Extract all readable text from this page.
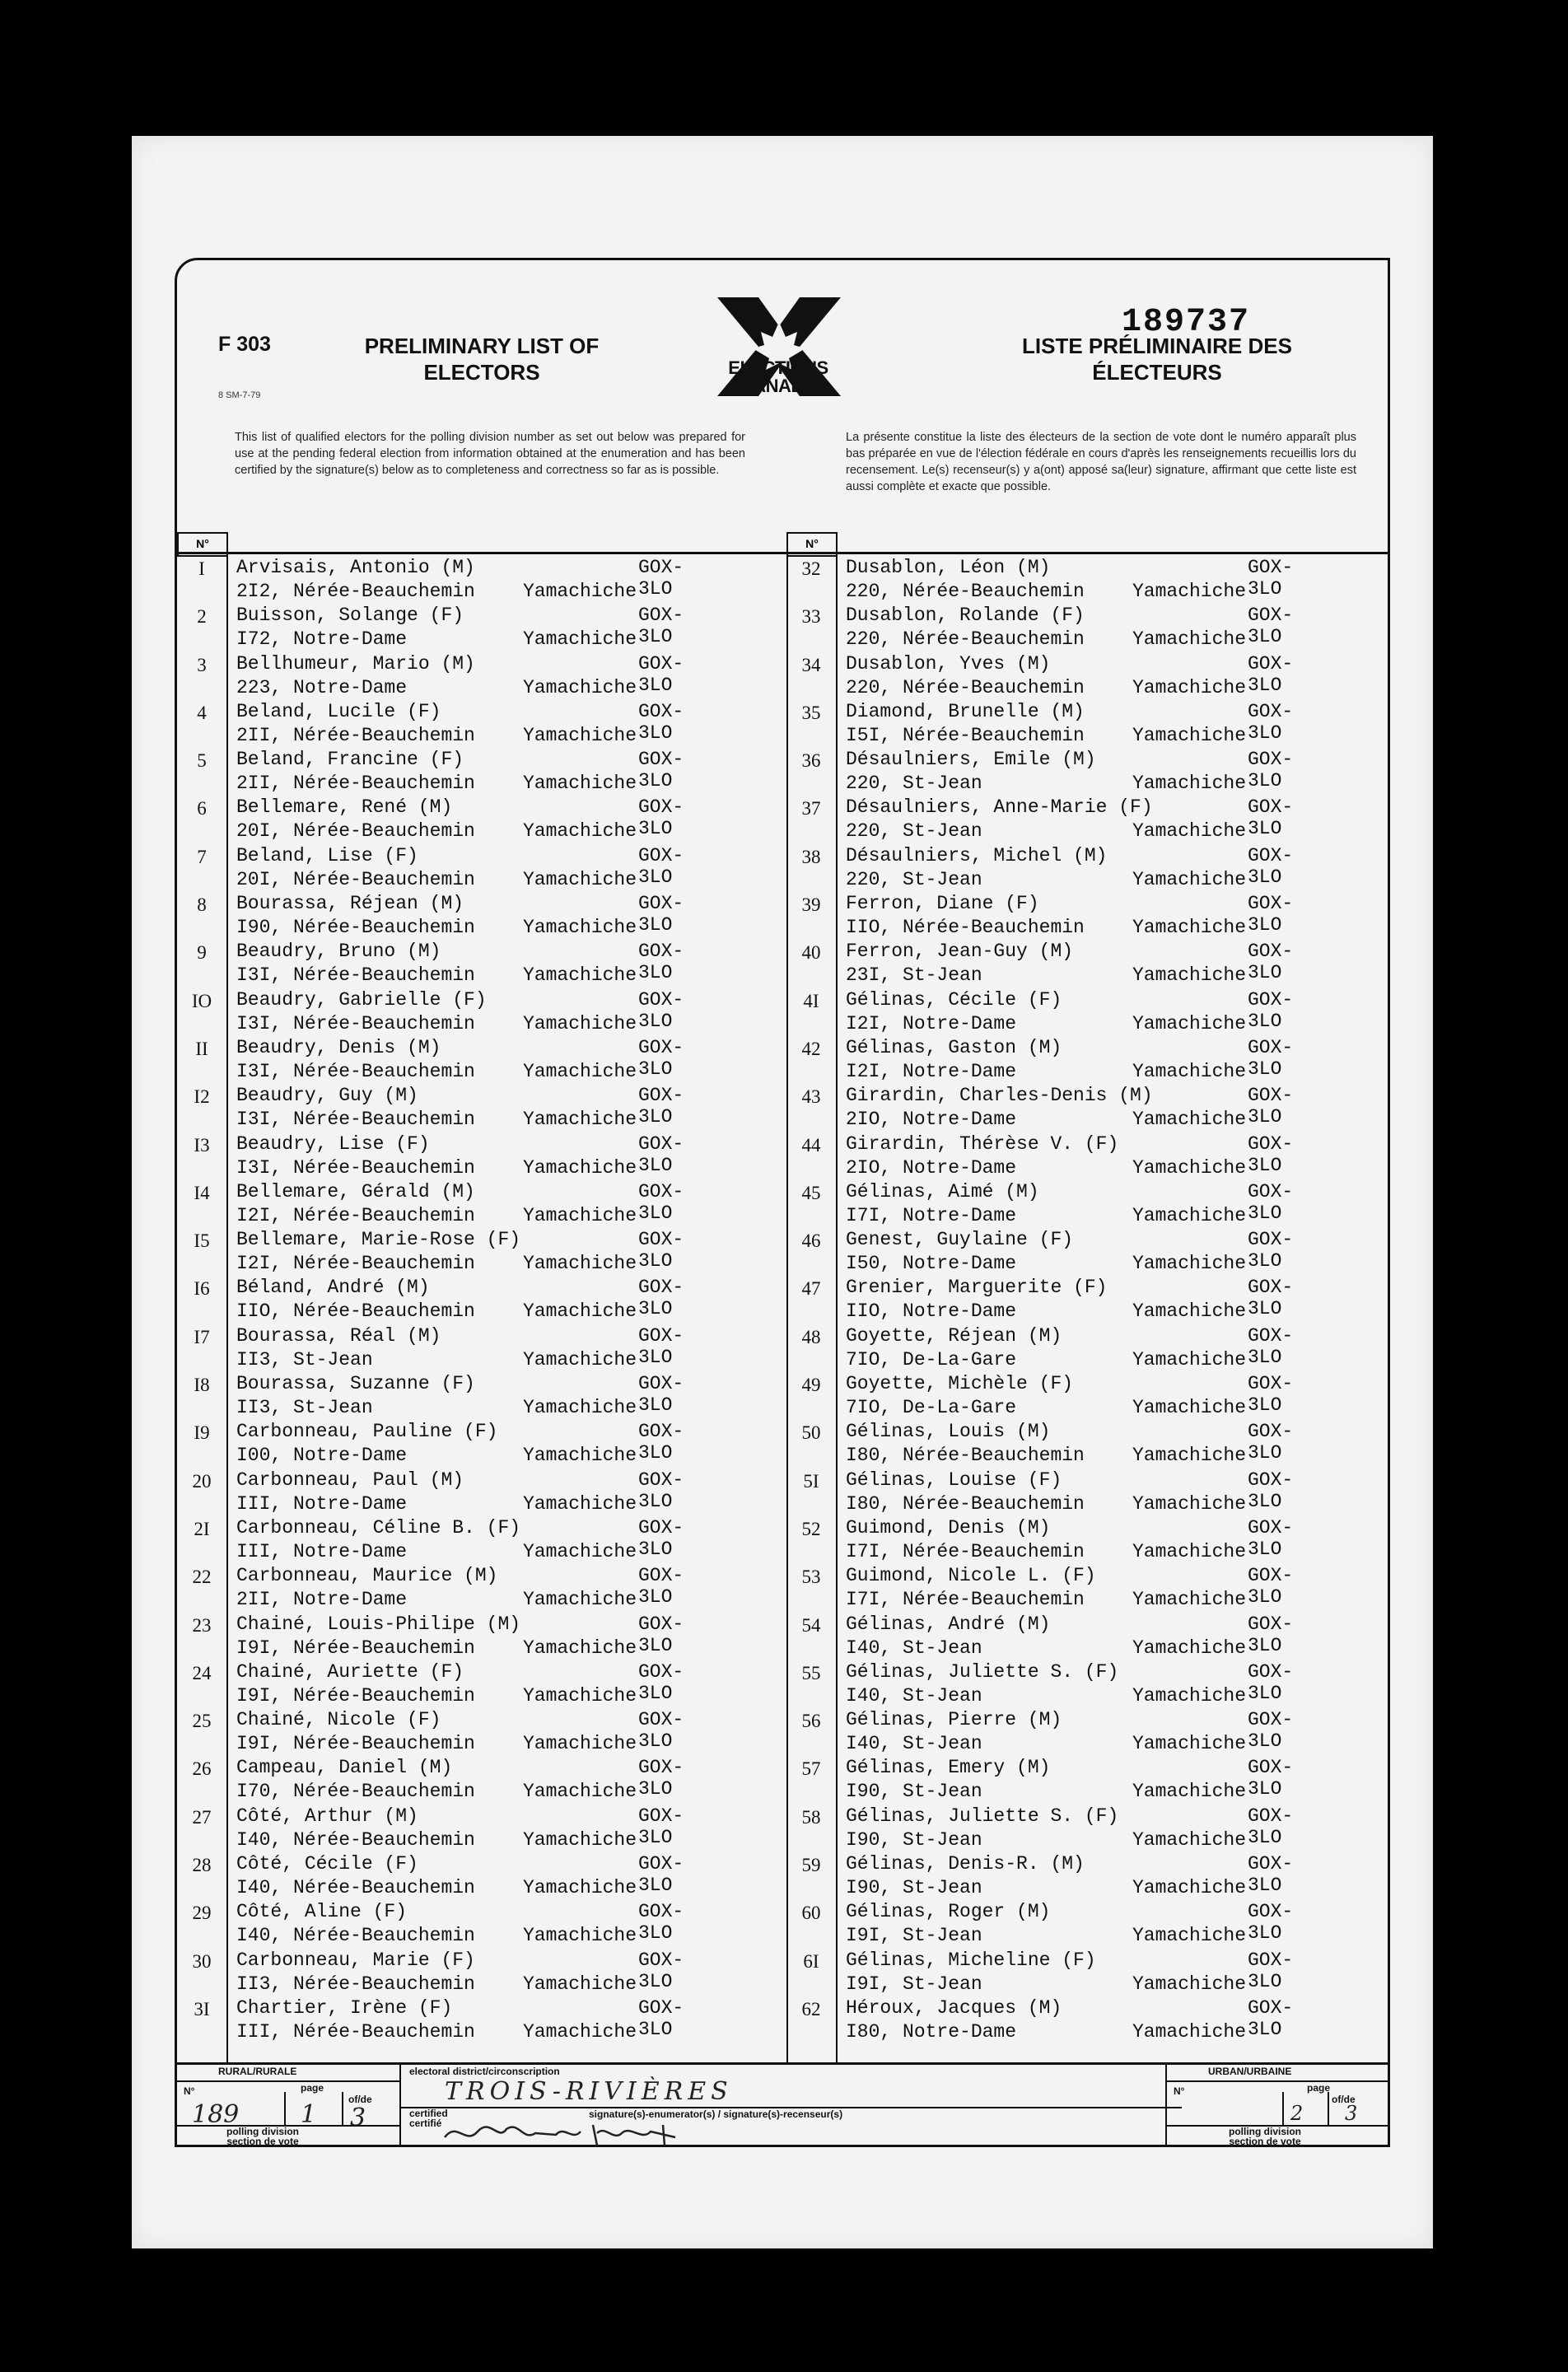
F 303
8 SM-7-79
PRELIMINARY LIST OF
ELECTORS	ELECTIONS
CANADA
189737
LISTE PRÉLIMINAIRE DES
ÉLECTEURS
This list of qualified electors for the polling division number as set out below was prepared for use at the pending federal election from information obtained at the enumeration and has been certified by the signature(s) below as to completeness and correctness so far as is possible.
La présente constitue la liste des électeurs de la section de vote dont le numéro apparaît plus bas préparée en vue de l'élection fédérale en cours d'après les renseignements recueillis lors du recensement. Le(s) recenseur(s) y a(ont) apposé sa(leur) signature, affirmant que cette liste est aussi complète et exacte que possible.
N°	N°
I	Arvisais, Antonio (M)	GOX-3LO
2I2, Nérée-Beauchemin	Yamachiche
2	Buisson, Solange (F)	GOX-3LO
I72, Notre-Dame	Yamachiche
3	Bellhumeur, Mario (M)	GOX-3LO
223, Notre-Dame	Yamachiche
4	Beland, Lucile (F)	GOX-3LO
2II, Nérée-Beauchemin	Yamachiche
5	Beland, Francine (F)	GOX-3LO
2II, Nérée-Beauchemin	Yamachiche
6	Bellemare, René (M)	GOX-3LO
20I, Nérée-Beauchemin	Yamachiche
7	Beland, Lise (F)	GOX-3LO
20I, Nérée-Beauchemin	Yamachiche
8	Bourassa, Réjean (M)	GOX-3LO
I90, Nérée-Beauchemin	Yamachiche
9	Beaudry, Bruno (M)	GOX-3LO
I3I, Nérée-Beauchemin	Yamachiche
IO	Beaudry, Gabrielle (F)	GOX-3LO
I3I, Nérée-Beauchemin	Yamachiche
II	Beaudry, Denis (M)	GOX-3LO
I3I, Nérée-Beauchemin	Yamachiche
I2	Beaudry, Guy (M)	GOX-3LO
I3I, Nérée-Beauchemin	Yamachiche
I3	Beaudry, Lise (F)	GOX-3LO
I3I, Nérée-Beauchemin	Yamachiche
I4	Bellemare, Gérald (M)	GOX-3LO
I2I, Nérée-Beauchemin	Yamachiche
I5	Bellemare, Marie-Rose (F)	GOX-3LO
I2I, Nérée-Beauchemin	Yamachiche
I6	Béland, André (M)	GOX-3LO
IIO, Nérée-Beauchemin	Yamachiche
I7	Bourassa, Réal (M)	GOX-3LO
II3, St-Jean	Yamachiche
I8	Bourassa, Suzanne (F)	GOX-3LO
II3, St-Jean	Yamachiche
I9	Carbonneau, Pauline (F)	GOX-3LO
I00, Notre-Dame	Yamachiche
20	Carbonneau, Paul (M)	GOX-3LO
III, Notre-Dame	Yamachiche
2I	Carbonneau, Céline B. (F)	GOX-3LO
III, Notre-Dame	Yamachiche
22	Carbonneau, Maurice (M)	GOX-3LO
2II, Notre-Dame	Yamachiche
23	Chainé, Louis-Philipe (M)	GOX-3LO
I9I, Nérée-Beauchemin	Yamachiche
24	Chainé, Auriette (F)	GOX-3LO
I9I, Nérée-Beauchemin	Yamachiche
25	Chainé, Nicole (F)	GOX-3LO
I9I, Nérée-Beauchemin	Yamachiche
26	Campeau, Daniel (M)	GOX-3LO
I70, Nérée-Beauchemin	Yamachiche
27	Côté, Arthur (M)	GOX-3LO
I40, Nérée-Beauchemin	Yamachiche
28	Côté, Cécile (F)	GOX-3LO
I40, Nérée-Beauchemin	Yamachiche
29	Côté, Aline (F)	GOX-3LO
I40, Nérée-Beauchemin	Yamachiche
30	Carbonneau, Marie (F)	GOX-3LO
II3, Nérée-Beauchemin	Yamachiche
3I	Chartier, Irène (F)	GOX-3LO
III, Nérée-Beauchemin	Yamachiche
32	Dusablon, Léon (M)	GOX-3LO
220, Nérée-Beauchemin	Yamachiche
33	Dusablon, Rolande (F)	GOX-3LO
220, Nérée-Beauchemin	Yamachiche
34	Dusablon, Yves (M)	GOX-3LO
220, Nérée-Beauchemin	Yamachiche
35	Diamond, Brunelle (M)	GOX-3LO
I5I, Nérée-Beauchemin	Yamachiche
36	Désaulniers, Emile (M)	GOX-3LO
220, St-Jean	Yamachiche
37	Désaulniers, Anne-Marie (F)	GOX-3LO
220, St-Jean	Yamachiche
38	Désaulniers, Michel (M)	GOX-3LO
220, St-Jean	Yamachiche
39	Ferron, Diane (F)	GOX-3LO
IIO, Nérée-Beauchemin	Yamachiche
40	Ferron, Jean-Guy (M)	GOX-3LO
23I, St-Jean	Yamachiche
4I	Gélinas, Cécile (F)	GOX-3LO
I2I, Notre-Dame	Yamachiche
42	Gélinas, Gaston (M)	GOX-3LO
I2I, Notre-Dame	Yamachiche
43	Girardin, Charles-Denis (M)	GOX-3LO
2IO, Notre-Dame	Yamachiche
44	Girardin, Thérèse V. (F)	GOX-3LO
2IO, Notre-Dame	Yamachiche
45	Gélinas, Aimé (M)	GOX-3LO
I7I, Notre-Dame	Yamachiche
46	Genest, Guylaine (F)	GOX-3LO
I50, Notre-Dame	Yamachiche
47	Grenier, Marguerite (F)	GOX-3LO
IIO, Notre-Dame	Yamachiche
48	Goyette, Réjean (M)	GOX-3LO
7IO, De-La-Gare	Yamachiche
49	Goyette, Michèle (F)	GOX-3LO
7IO, De-La-Gare	Yamachiche
50	Gélinas, Louis (M)	GOX-3LO
I80, Nérée-Beauchemin	Yamachiche
5I	Gélinas, Louise (F)	GOX-3LO
I80, Nérée-Beauchemin	Yamachiche
52	Guimond, Denis (M)	GOX-3LO
I7I, Nérée-Beauchemin	Yamachiche
53	Guimond, Nicole L. (F)	GOX-3LO
I7I, Nérée-Beauchemin	Yamachiche
54	Gélinas, André (M)	GOX-3LO
I40, St-Jean	Yamachiche
55	Gélinas, Juliette S. (F)	GOX-3LO
I40, St-Jean	Yamachiche
56	Gélinas, Pierre (M)	GOX-3LO
I40, St-Jean	Yamachiche
57	Gélinas, Emery (M)	GOX-3LO
I90, St-Jean	Yamachiche
58	Gélinas, Juliette S. (F)	GOX-3LO
I90, St-Jean	Yamachiche
59	Gélinas, Denis-R. (M)	GOX-3LO
I90, St-Jean	Yamachiche
60	Gélinas, Roger (M)	GOX-3LO
I9I, St-Jean	Yamachiche
6I	Gélinas, Micheline (F)	GOX-3LO
I9I, St-Jean	Yamachiche
62	Héroux, Jacques (M)	GOX-3LO
I80, Notre-Dame	Yamachiche
RURAL/RURALE
N°	page
of/de
189 1 3
polling division
section de vote
electoral district/circonscription
TROIS-RIVIÈRES
certified
certifié
signature(s)-enumerator(s) / signature(s)-recenseur(s)
URBAN/URBAINE
N°	page
of/de
2 3
polling division
section de vote
